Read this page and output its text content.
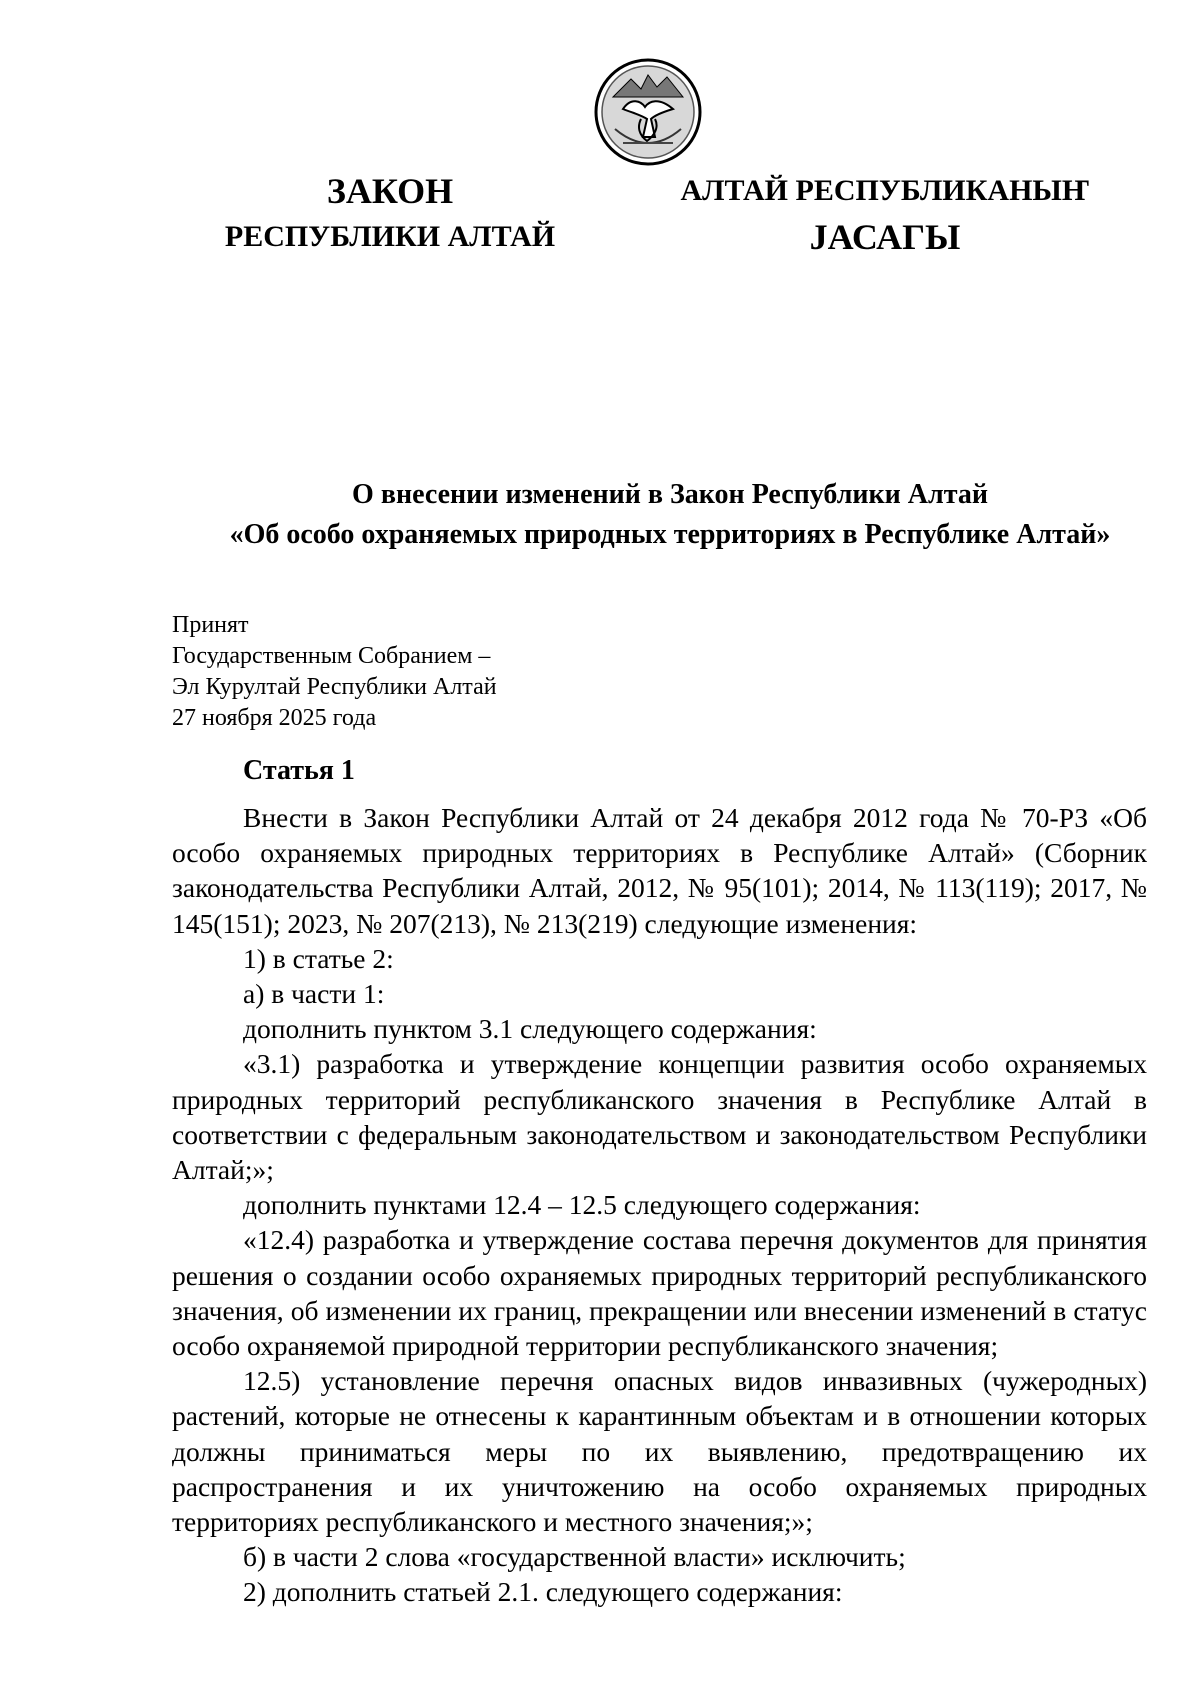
ЗАКОН
РЕСПУБЛИКИ АЛТАЙ
АЛТАЙ РЕСПУБЛИКАНЫҤ
JАСАГЫ
О внесении изменений в Закон Республики Алтай
«Об особо охраняемых природных территориях в Республике Алтай»
Принят
Государственным Собранием –
Эл Курултай Республики Алтай
27 ноября 2025 года
Статья 1

Внести в Закон Республики Алтай от 24 декабря 2012 года № 70-РЗ «Об особо охраняемых природных территориях в Республике Алтай» (Сборник законодательства Республики Алтай, 2012, № 95(101); 2014, № 113(119); 2017, № 145(151); 2023, № 207(213), № 213(219) следующие изменения:

1) в статье 2:

а) в части 1:

дополнить пунктом 3.1 следующего содержания:

«3.1) разработка и утверждение концепции развития особо охраняемых природных территорий республиканского значения в Республике Алтай в соответствии с федеральным законодательством и законодательством Республики Алтай;»;

дополнить пунктами 12.4 – 12.5 следующего содержания:

«12.4) разработка и утверждение состава перечня документов для принятия решения о создании особо охраняемых природных территорий республиканского значения, об изменении их границ, прекращении или внесении изменений в статус особо охраняемой природной территории республиканского значения;

12.5) установление перечня опасных видов инвазивных (чужеродных) растений, которые не отнесены к карантинным объектам и в отношении которых должны приниматься меры по их выявлению, предотвращению их распространения и их уничтожению на особо охраняемых природных территориях республиканского и местного значения;»;

б) в части 2 слова «государственной власти» исключить;

2) дополнить статьей 2.1. следующего содержания:
